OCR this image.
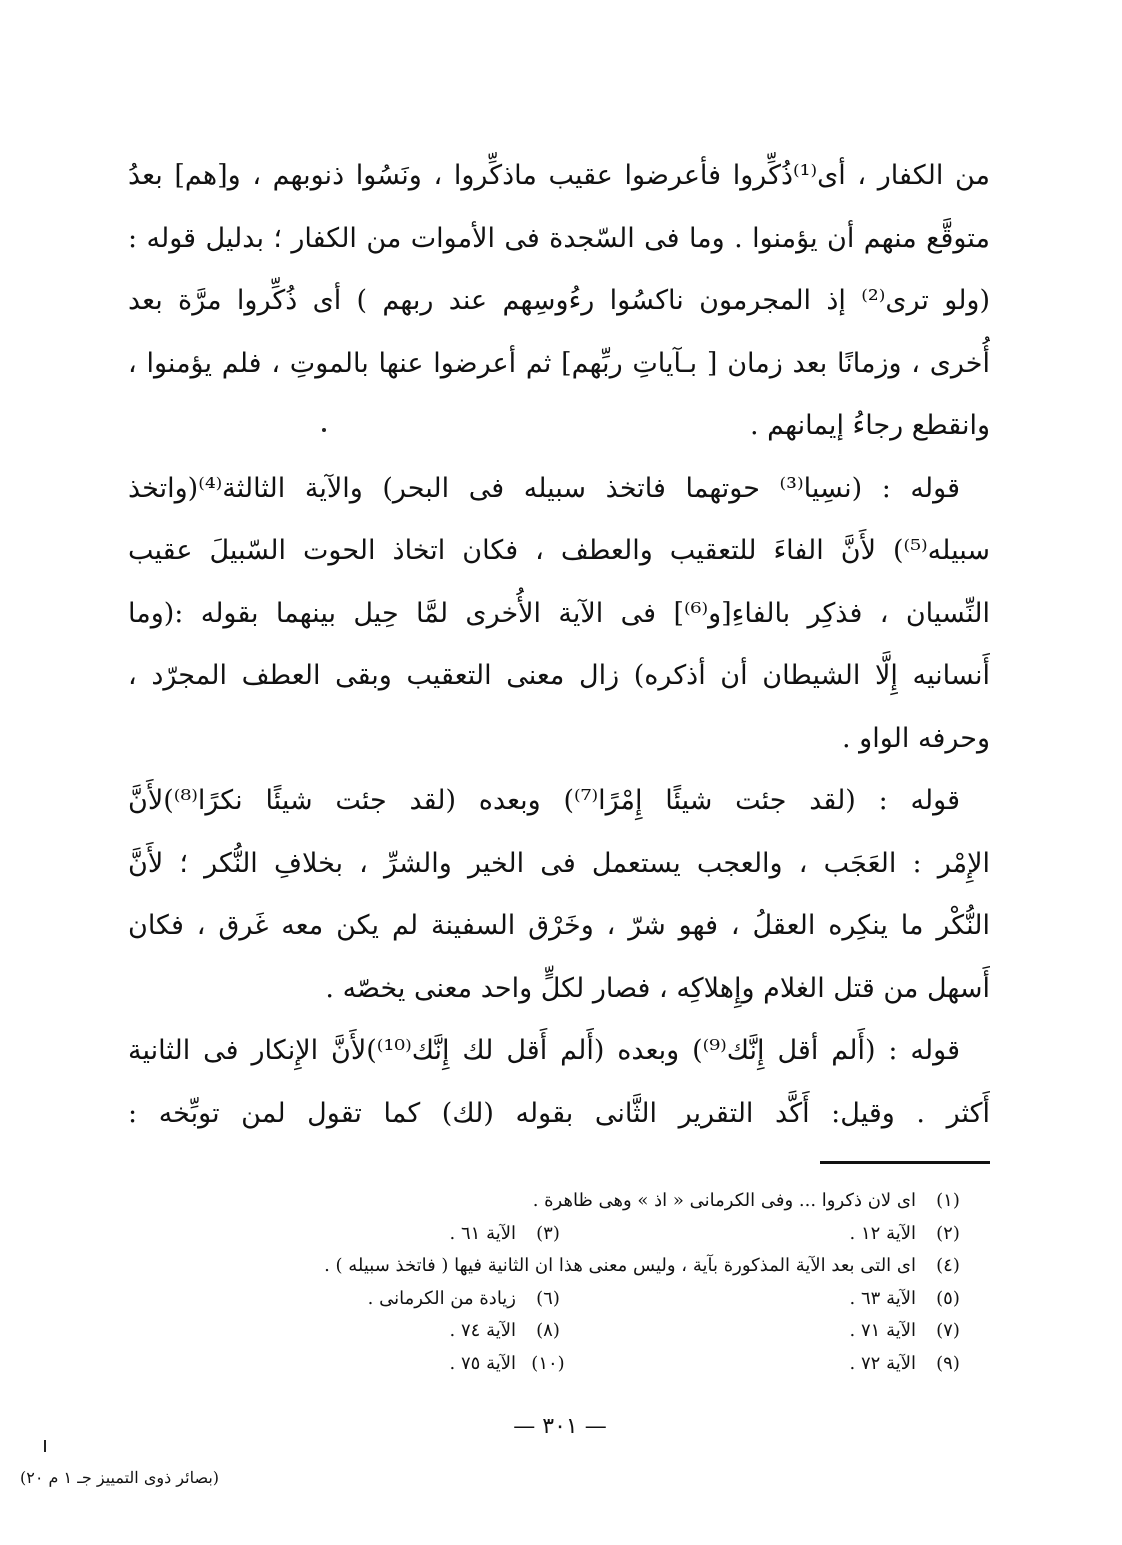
من الكفار ، أى⁽¹⁾ذُكِّروا فأعرضوا عقيب ماذكِّروا ، ونَسُوا ذنوبهم ، و[هم] بعدُ
متوقَّع منهم أن يؤمنوا . وما فى السّجدة فى الأموات من الكفار ؛ بدليل قوله :
(ولو ترى⁽²⁾ إذ المجرمون ناكسُوا رءُوسِهم عند ربهم ) أى ذُكِّروا مرَّة بعد
أُخرى ، وزمانًا بعد زمان [ بـآياتِ ربِّهم] ثم أعرضوا عنها بالموتِ ، فلم يؤمنوا ،
وانقطع رجاءُ إيمانهم .
قوله : (نسِيا⁽³⁾ حوتهما فاتخذ سبيله فى البحر) والآية الثالثة⁽⁴⁾(واتخذ
سبيله⁽⁵⁾) لأَنَّ الفاءَ للتعقيب والعطف ، فكان اتخاذ الحوت السّبيلَ عقيب
النِّسيان ، فذكِر بالفاءِ[و⁽⁶⁾] فى الآية الأُخرى لمَّا حِيل بينهما بقوله :(وما
أَنسانيه إِلَّا الشيطان أن أذكره) زال معنى التعقيب وبقى العطف المجرّد ،
وحرفه الواو .
قوله : (لقد جئت شيئًا إِمْرًا⁽⁷⁾) وبعده (لقد جئت شيئًا نكرًا⁽⁸⁾)لأَنَّ
الإِمْر : العَجَب ، والعجب يستعمل فى الخير والشرِّ ، بخلافِ النُّكر ؛ لأَنَّ
النُّكْر ما ينكِره العقلُ ، فهو شرّ ، وخَرْق السفينة لم يكن معه غَرق ، فكان
أَسهل من قتل الغلام وإِهلاكِه ، فصار لكلٍّ واحد معنى يخصّه .
قوله : (أَلم أقل إِنَّك⁽⁹⁾) وبعده (أَلم أَقل لك إِنَّك⁽¹⁰⁾)لأَنَّ الإِنكار فى الثانية
أَكثر . وقيل: أَكَّد التقرير الثَّانى بقوله (لك) كما تقول لمن توبِّخه :
(١)
اى لان ذكروا ... وفى الكرمانى « اذ » وهى ظاهرة .
(٢)
الآية ١٢ .
(٣)
الآية ٦١ .
(٤)
اى التى بعد الآية المذكورة بآية ، وليس معنى هذا ان الثانية فيها ( فاتخذ سبيله ) .
(٥)
الآية ٦٣ .
(٦)
زيادة من الكرمانى .
(٧)
الآية ٧١ .
(٨)
الآية ٧٤ .
(٩)
الآية ٧٢ .
(١٠)
الآية ٧٥ .
— ٣٠١ —
(بصائر ذوى التمييز جـ ١ م ٢٠)
